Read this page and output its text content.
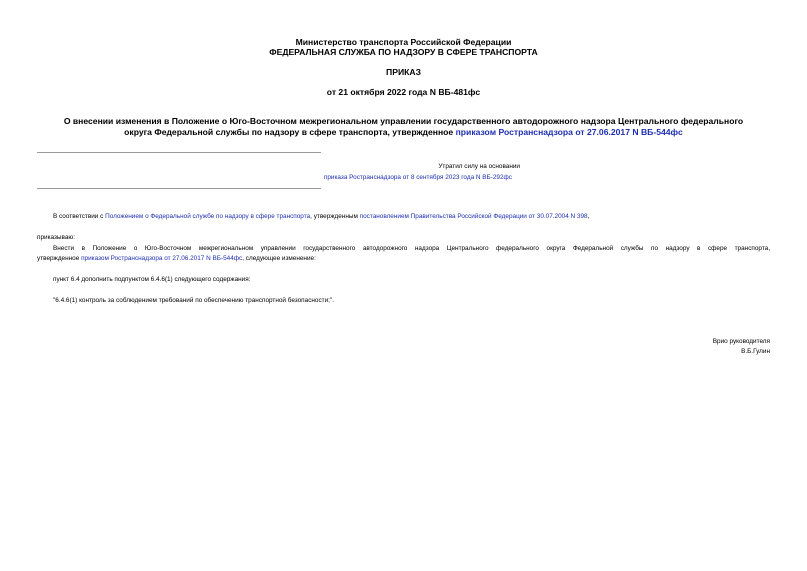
Министерство транспорта Российской Федерации
ФЕДЕРАЛЬНАЯ СЛУЖБА ПО НАДЗОРУ В СФЕРЕ ТРАНСПОРТА
ПРИКАЗ
от 21 октября 2022 года N ВБ-481фс
О внесении изменения в Положение о Юго-Восточном межрегиональном управлении государственного автодорожного надзора Центрального федерального
округа Федеральной службы по надзору в сфере транспорта, утвержденное приказом Ространснадзора от 27.06.2017 N ВБ-544фс
Утратил силу на основании
приказа Ространснадзора от 8 сентября 2023 года N ВБ-292фс
В соответствии с Положением о Федеральной службе по надзору в сфере транспорта, утвержденным постановлением Правительства Российской Федерации от 30.07.2004 N 398,
приказываю:
Внести в Положение о Юго-Восточном межрегиональном управлении государственного автодорожного надзора Центрального федерального округа Федеральной службы по надзору в сфере транспорта,
утвержденное приказом Ространснадзора от 27.06.2017 N ВБ-544фс, следующее изменение:
пункт 6.4 дополнить подпунктом 6.4.6(1) следующего содержания:
"6.4.6(1) контроль за соблюдением требований по обеспечению транспортной безопасности;".
Врио руководителя
В.Б.Гулин
